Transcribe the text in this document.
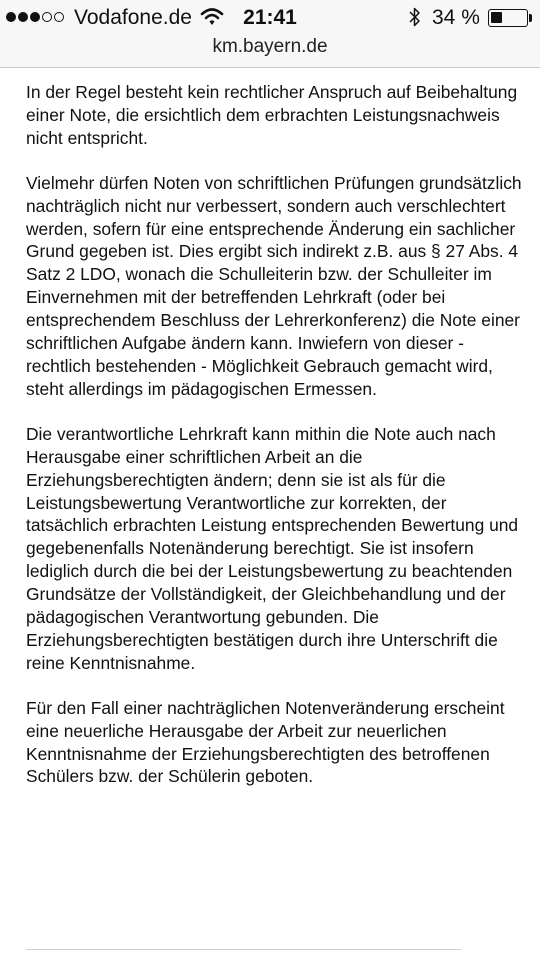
Vodafone.de	21:41	34 %
km.bayern.de

In der Regel besteht kein rechtlicher Anspruch auf Beibehaltung einer Note, die ersichtlich dem erbrachten Leistungsnachweis nicht entspricht.

Vielmehr dürfen Noten von schriftlichen Prüfungen grundsätzlich nachträglich nicht nur verbessert, sondern auch verschlechtert werden, sofern für eine entsprechende Änderung ein sachlicher Grund gegeben ist. Dies ergibt sich indirekt z.B. aus § 27 Abs. 4 Satz 2 LDO, wonach die Schulleiterin bzw. der Schulleiter im Einvernehmen mit der betreffenden Lehrkraft (oder bei entsprechendem Beschluss der Lehrerkonferenz) die Note einer schriftlichen Aufgabe ändern kann. Inwiefern von dieser - rechtlich bestehenden - Möglichkeit Gebrauch gemacht wird, steht allerdings im pädagogischen Ermessen.

Die verantwortliche Lehrkraft kann mithin die Note auch nach Herausgabe einer schriftlichen Arbeit an die Erziehungsberechtigten ändern; denn sie ist als für die Leistungsbewertung Verantwortliche zur korrekten, der tatsächlich erbrachten Leistung entsprechenden Bewertung und gegebenenfalls Notenänderung berechtigt. Sie ist insofern lediglich durch die bei der Leistungsbewertung zu beachtenden Grundsätze der Vollständigkeit, der Gleichbehandlung und der pädagogischen Verantwortung gebunden. Die Erziehungsberechtigten bestätigen durch ihre Unterschrift die reine Kenntnisnahme.

Für den Fall einer nachträglichen Notenveränderung erscheint eine neuerliche Herausgabe der Arbeit zur neuerlichen Kenntnisnahme der Erziehungsberechtigten des betroffenen Schülers bzw. der Schülerin geboten.
